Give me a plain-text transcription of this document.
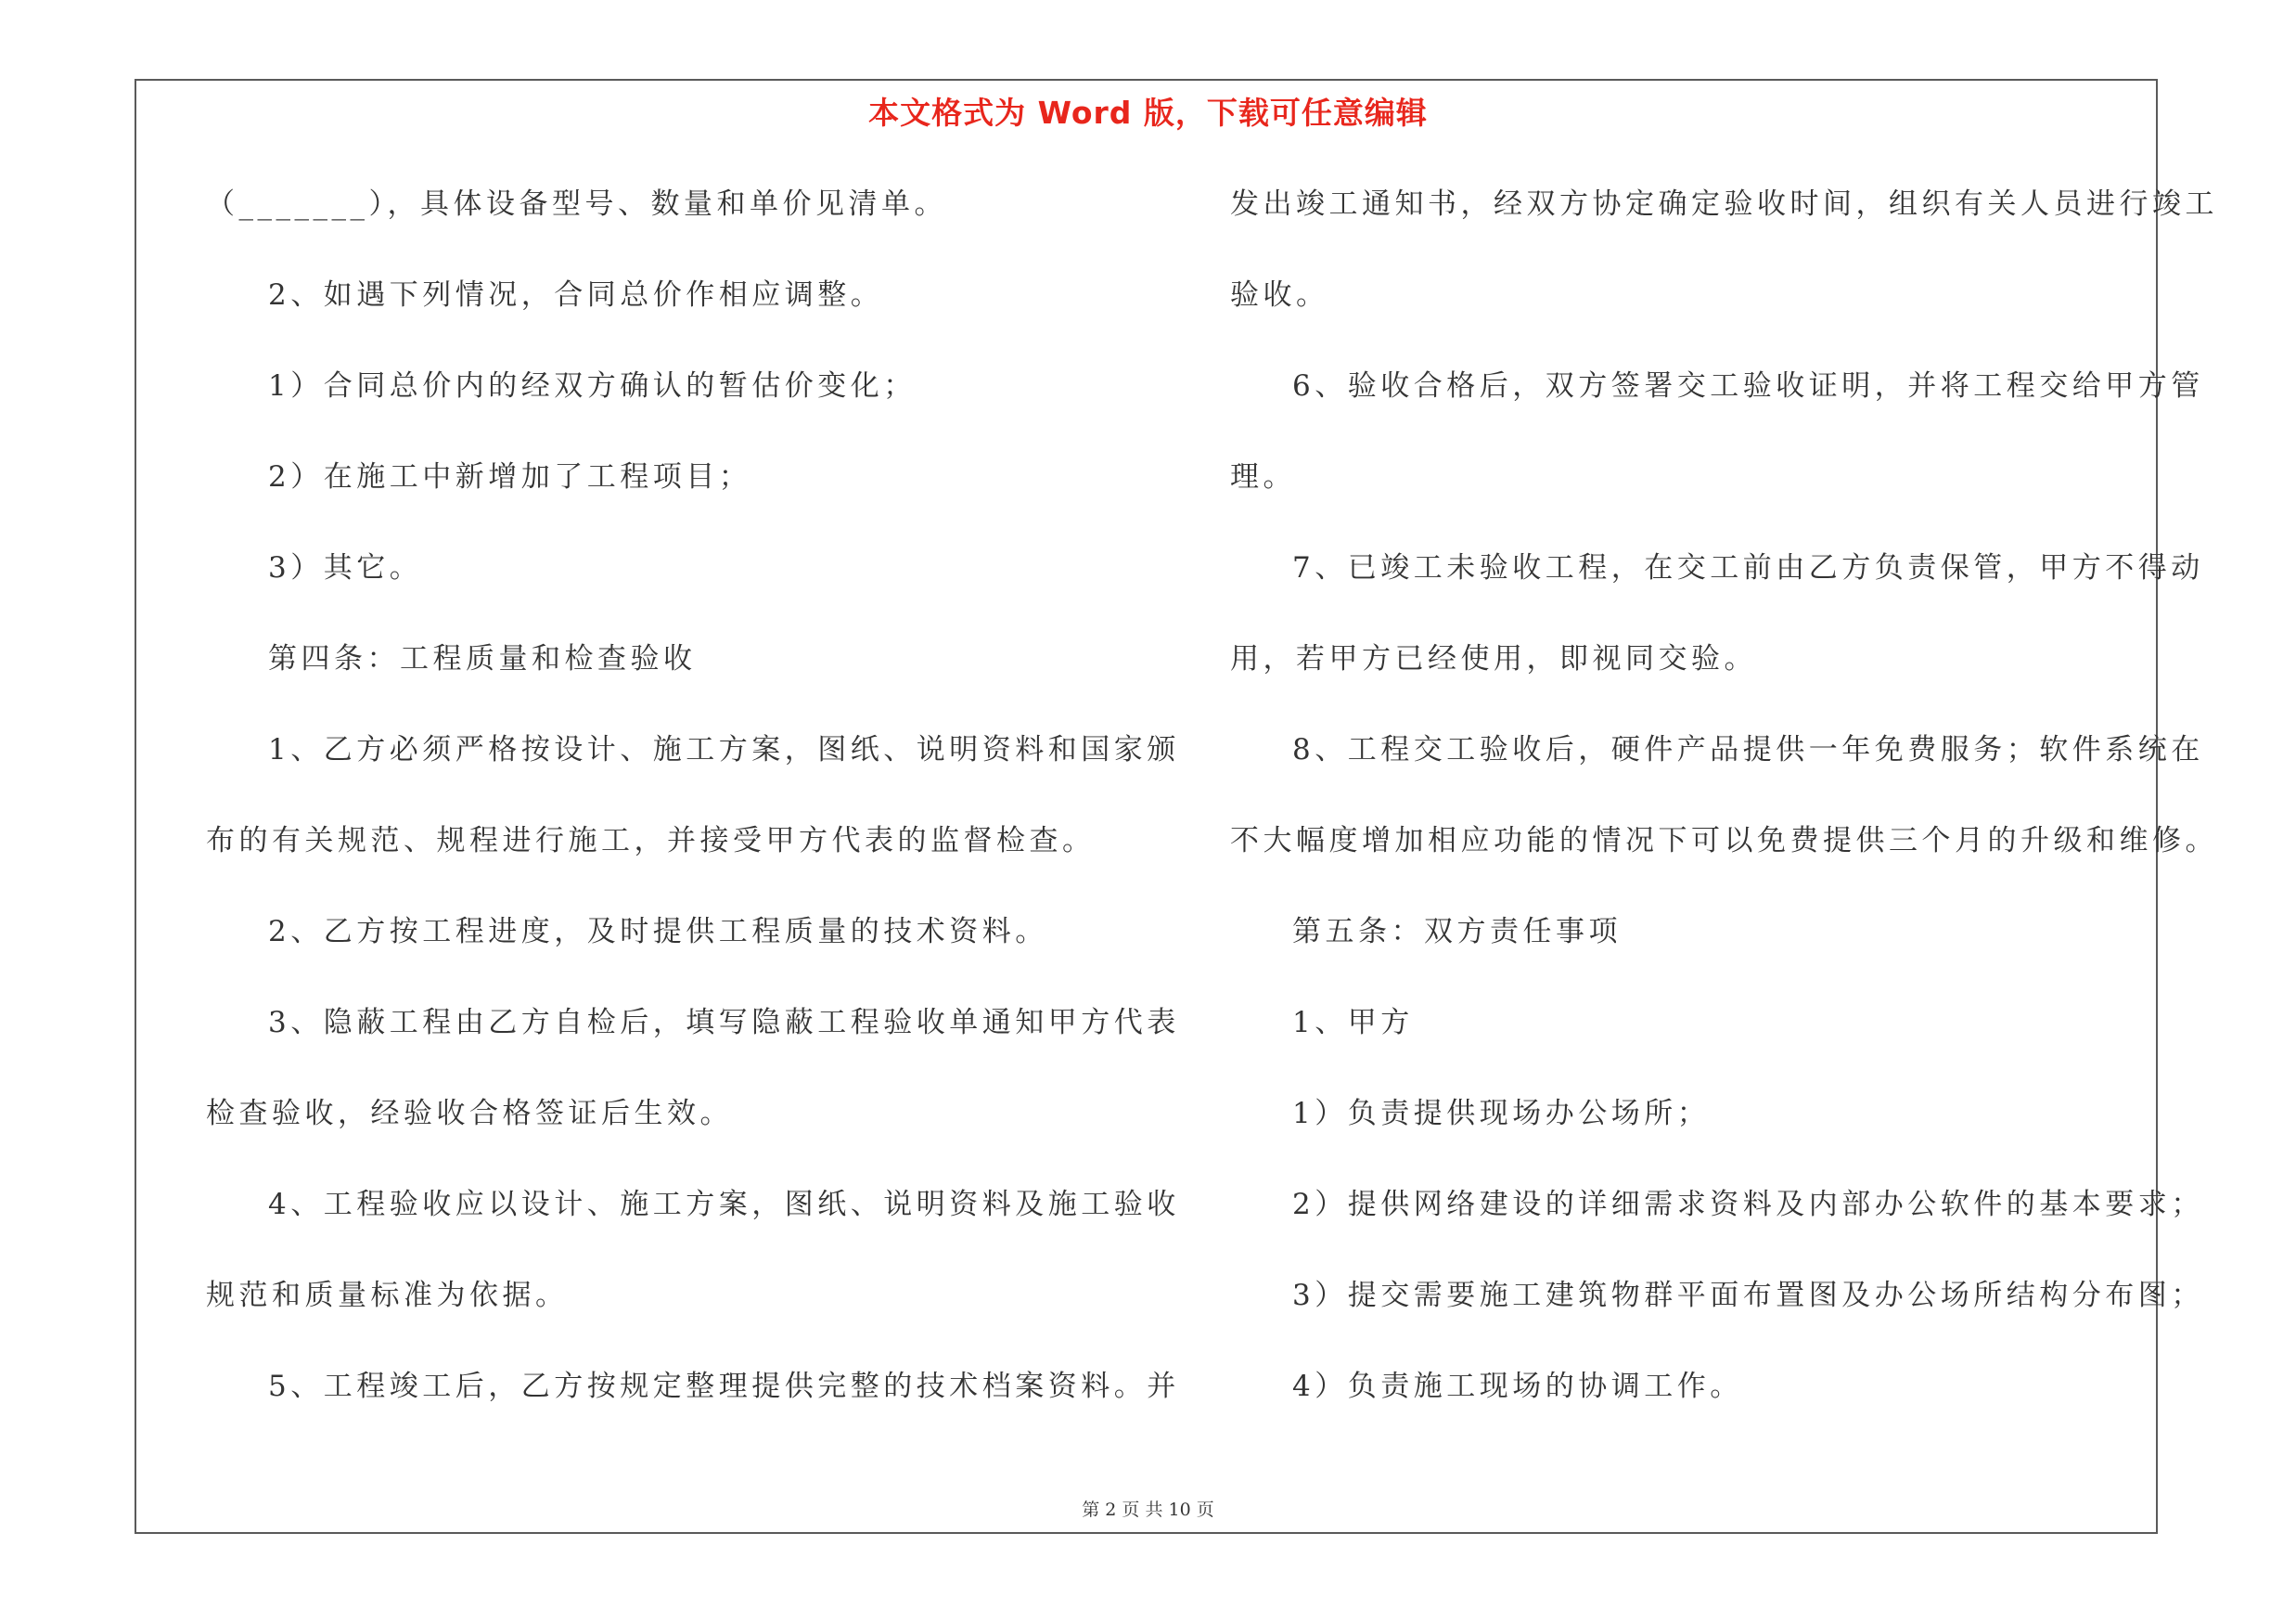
本文格式为 Word 版，下载可任意编辑
（_______），具体设备型号、数量和单价见清单。
2、如遇下列情况，合同总价作相应调整。
1）合同总价内的经双方确认的暂估价变化；
2）在施工中新增加了工程项目；
3）其它。
第四条：工程质量和检查验收
1、乙方必须严格按设计、施工方案，图纸、说明资料和国家颁
布的有关规范、规程进行施工，并接受甲方代表的监督检查。
2、乙方按工程进度，及时提供工程质量的技术资料。
3、隐蔽工程由乙方自检后，填写隐蔽工程验收单通知甲方代表
检查验收，经验收合格签证后生效。
4、工程验收应以设计、施工方案，图纸、说明资料及施工验收
规范和质量标准为依据。
5、工程竣工后，乙方按规定整理提供完整的技术档案资料。并
发出竣工通知书，经双方协定确定验收时间，组织有关人员进行竣工
验收。
6、验收合格后，双方签署交工验收证明，并将工程交给甲方管
理。
7、已竣工未验收工程，在交工前由乙方负责保管，甲方不得动
用，若甲方已经使用，即视同交验。
8、工程交工验收后，硬件产品提供一年免费服务；软件系统在
不大幅度增加相应功能的情况下可以免费提供三个月的升级和维修。
第五条：双方责任事项
1、甲方
1）负责提供现场办公场所；
2）提供网络建设的详细需求资料及内部办公软件的基本要求；
3）提交需要施工建筑物群平面布置图及办公场所结构分布图；
4）负责施工现场的协调工作。
第 2 页 共 10 页
